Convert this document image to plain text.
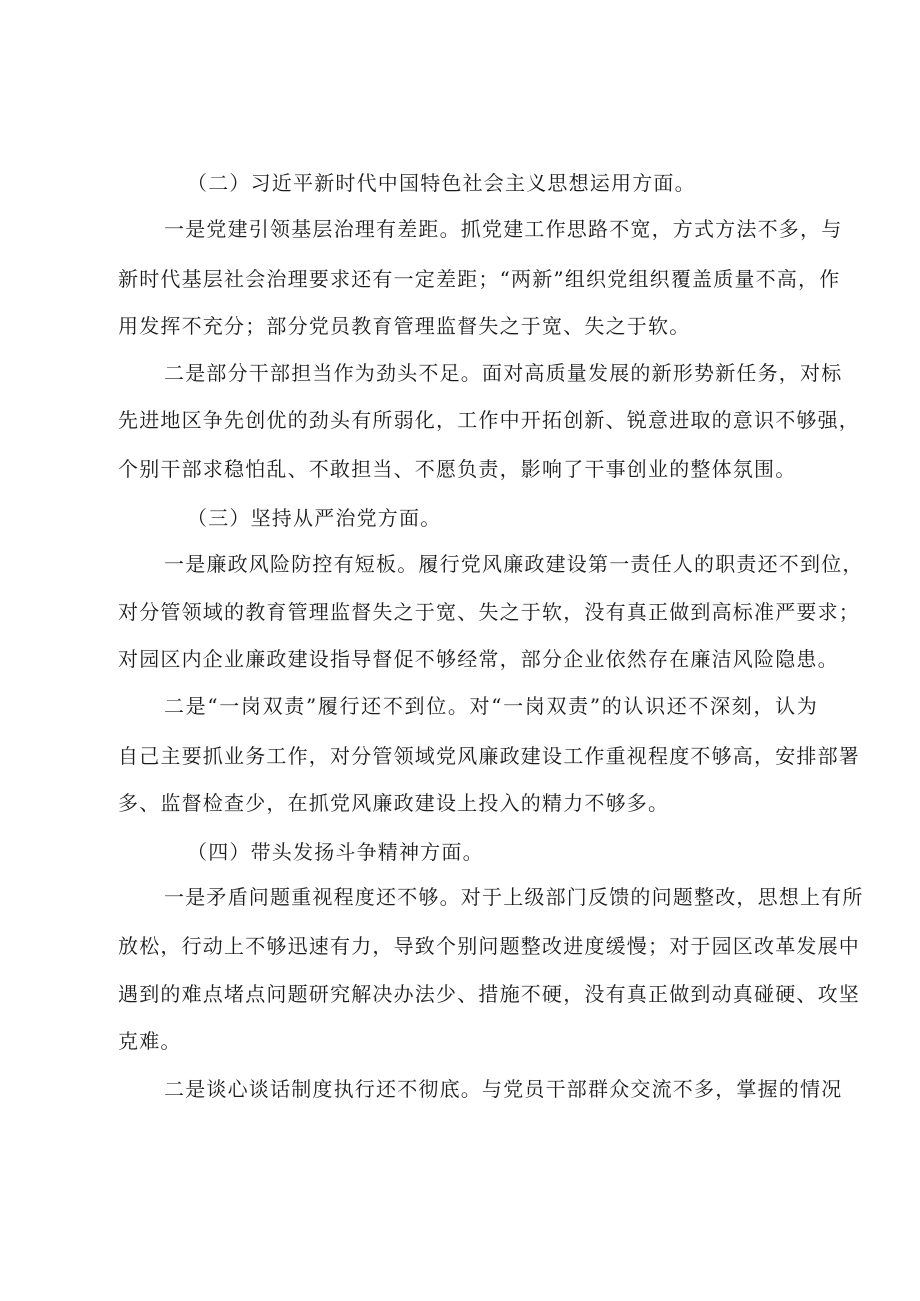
（二）习近平新时代中国特色社会主义思想运用方面。
一是党建引领基层治理有差距。抓党建工作思路不宽，方式方法不多，与
新时代基层社会治理要求还有一定差距；“两新”组织党组织覆盖质量不高，作
用发挥不充分；部分党员教育管理监督失之于宽、失之于软。
二是部分干部担当作为劲头不足。面对高质量发展的新形势新任务，对标
先进地区争先创优的劲头有所弱化，工作中开拓创新、锐意进取的意识不够强，
个别干部求稳怕乱、不敢担当、不愿负责，影响了干事创业的整体氛围。
（三）坚持从严治党方面。
一是廉政风险防控有短板。履行党风廉政建设第一责任人的职责还不到位，
对分管领域的教育管理监督失之于宽、失之于软，没有真正做到高标准严要求；
对园区内企业廉政建设指导督促不够经常，部分企业依然存在廉洁风险隐患。
二是“一岗双责”履行还不到位。对“一岗双责”的认识还不深刻，认为
自己主要抓业务工作，对分管领域党风廉政建设工作重视程度不够高，安排部署
多、监督检查少，在抓党风廉政建设上投入的精力不够多。
（四）带头发扬斗争精神方面。
一是矛盾问题重视程度还不够。对于上级部门反馈的问题整改，思想上有所
放松，行动上不够迅速有力，导致个别问题整改进度缓慢；对于园区改革发展中
遇到的难点堵点问题研究解决办法少、措施不硬，没有真正做到动真碰硬、攻坚
克难。
二是谈心谈话制度执行还不彻底。与党员干部群众交流不多，掌握的情况
